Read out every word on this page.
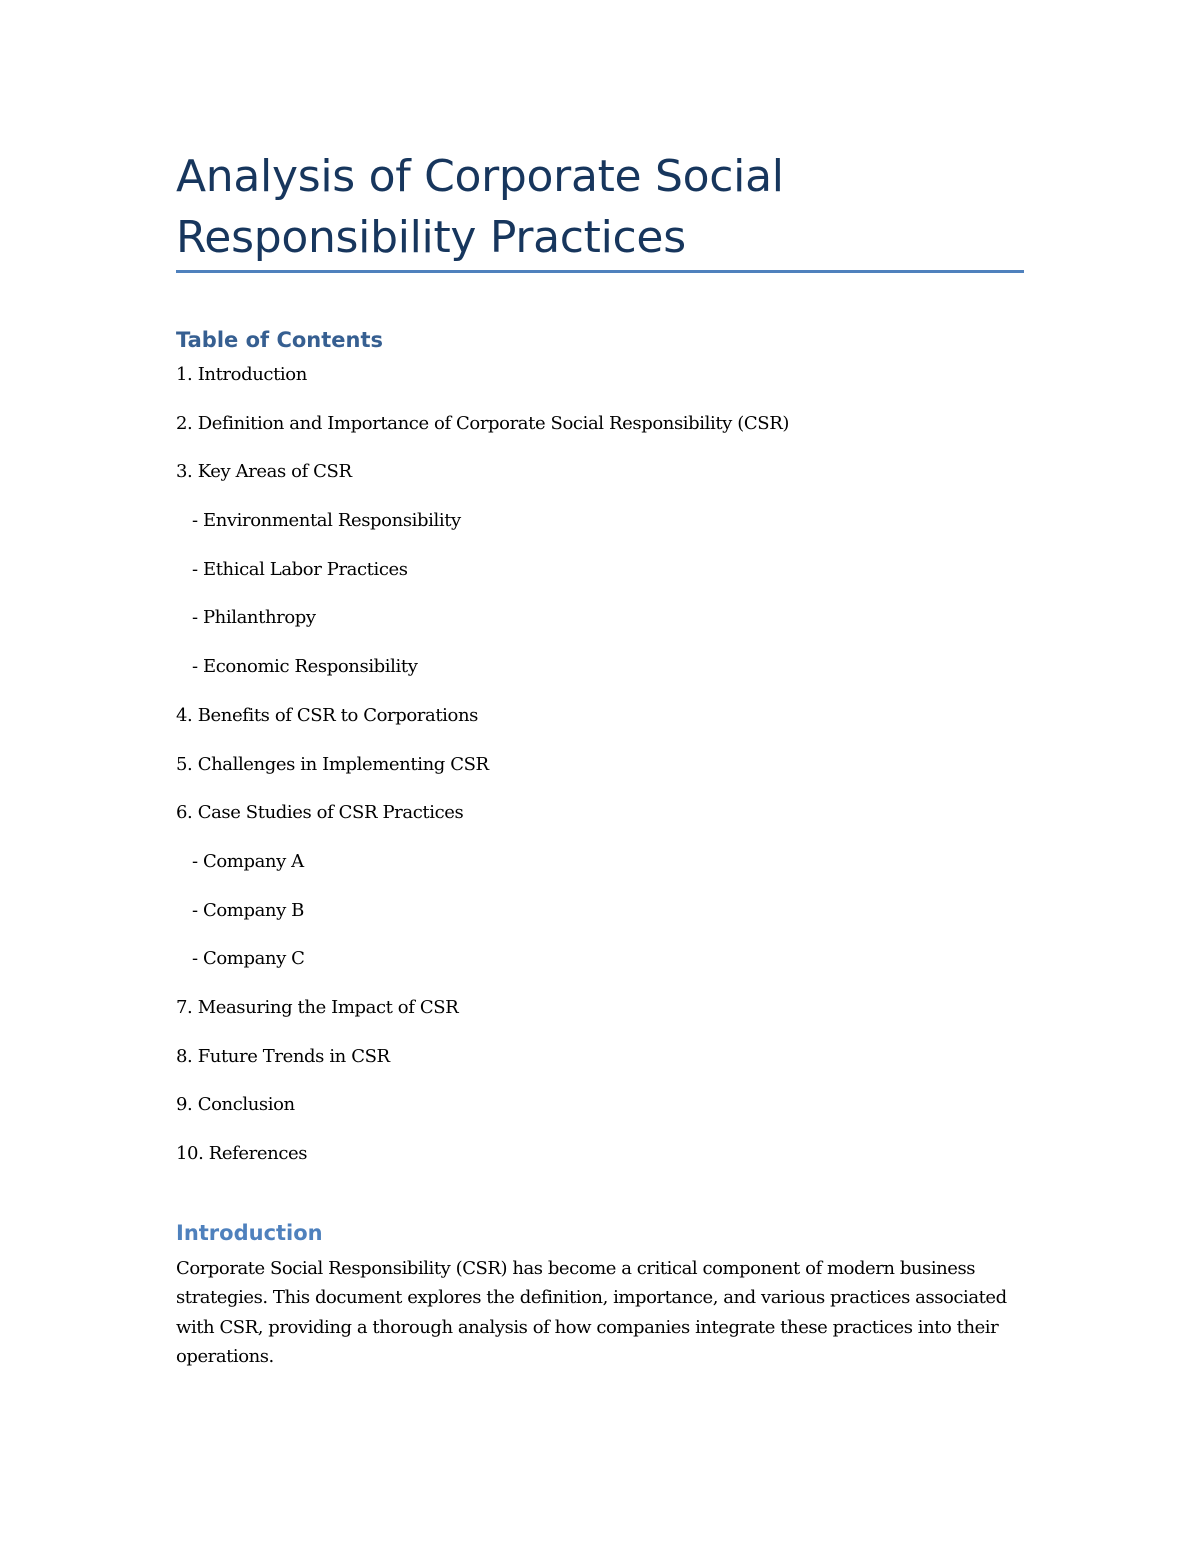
Analysis of Corporate Social Responsibility Practices
Table of Contents
1. Introduction
2. Definition and Importance of Corporate Social Responsibility (CSR)
3. Key Areas of CSR
- Environmental Responsibility
- Ethical Labor Practices
- Philanthropy
- Economic Responsibility
4. Benefits of CSR to Corporations
5. Challenges in Implementing CSR
6. Case Studies of CSR Practices
- Company A
- Company B
- Company C
7. Measuring the Impact of CSR
8. Future Trends in CSR
9. Conclusion
10. References
Introduction

Corporate Social Responsibility (CSR) has become a critical component of modern business strategies. This document explores the definition, importance, and various practices associated with CSR, providing a thorough analysis of how companies integrate these practices into their operations.
